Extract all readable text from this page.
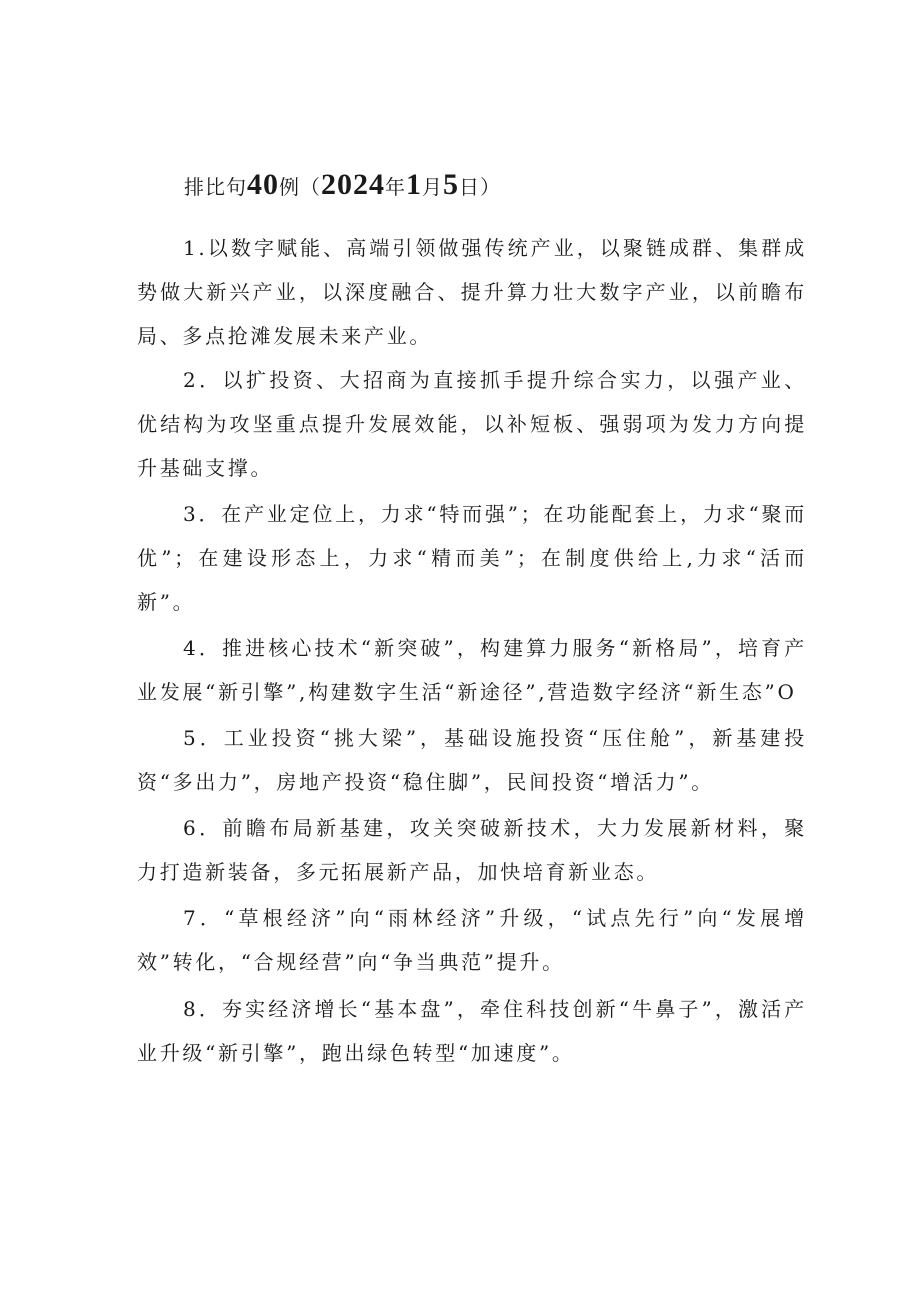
排比句40例（2024年1月5日）

1.以数字赋能、高端引领做强传统产业，以聚链成群、集群成势做大新兴产业，以深度融合、提升算力壮大数字产业，以前瞻布局、多点抢滩发展未来产业。

2．以扩投资、大招商为直接抓手提升综合实力，以强产业、优结构为攻坚重点提升发展效能，以补短板、强弱项为发力方向提升基础支撑。

3．在产业定位上，力求“特而强”；在功能配套上，力求“聚而优”；在建设形态上，力求“精而美”；在制度供给上,力求“活而新”。

4．推进核心技术“新突破”，构建算力服务“新格局”，培育产业发展“新引擎”,构建数字生活“新途径”,营造数字经济“新生态”O

5．工业投资“挑大梁”，基础设施投资“压住舱”，新基建投资“多出力”，房地产投资“稳住脚”，民间投资“增活力”。

6．前瞻布局新基建，攻关突破新技术，大力发展新材料，聚力打造新装备，多元拓展新产品，加快培育新业态。

7．“草根经济”向“雨林经济”升级，“试点先行”向“发展增效”转化，“合规经营”向“争当典范”提升。

8．夯实经济增长“基本盘”，牵住科技创新“牛鼻子”，激活产业升级“新引擎”，跑出绿色转型“加速度”。
